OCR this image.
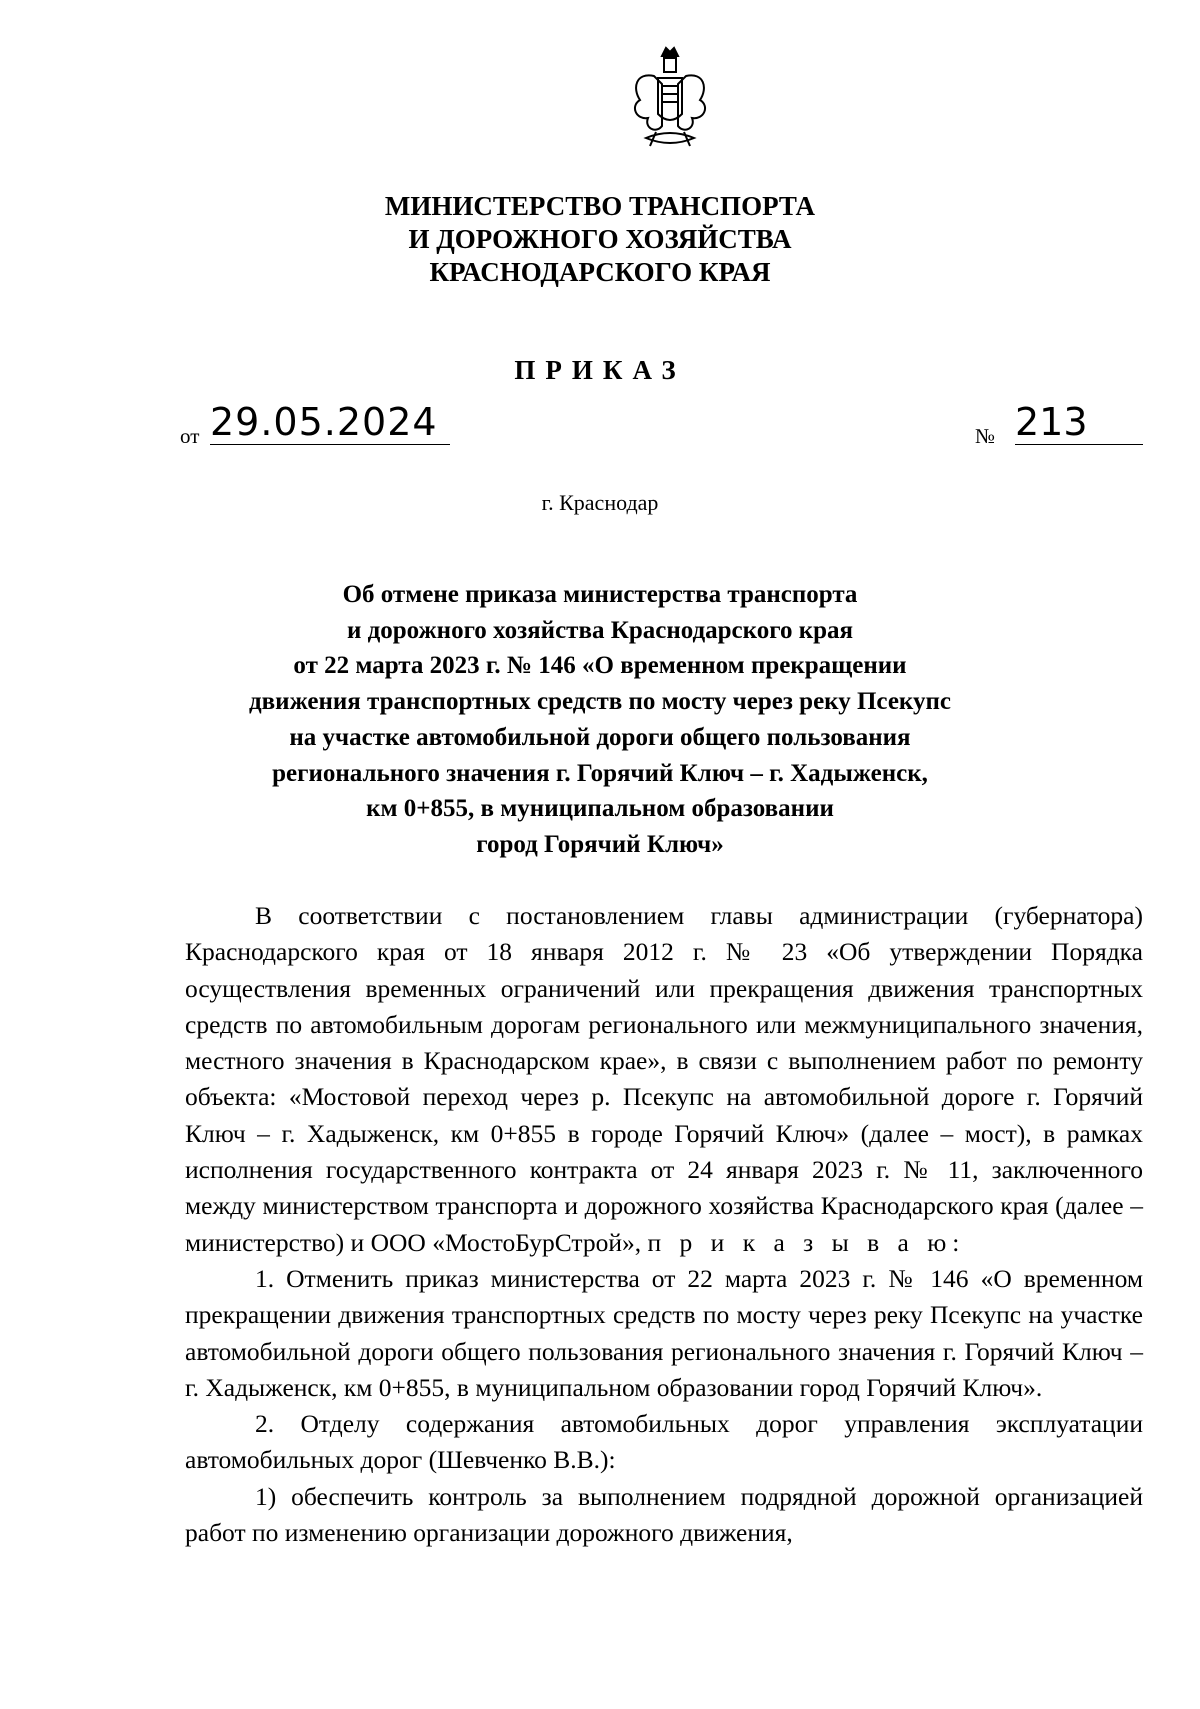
МИНИСТЕРСТВО ТРАНСПОРТА
И ДОРОЖНОГО ХОЗЯЙСТВА
КРАСНОДАРСКОГО КРАЯ
ПРИКАЗ
от 29.05.2024	№ 213
г. Краснодар
Об отмене приказа министерства транспорта
и дорожного хозяйства Краснодарского края
от 22 марта 2023 г. № 146 «О временном прекращении
движения транспортных средств по мосту через реку Псекупс
на участке автомобильной дороги общего пользования
регионального значения г. Горячий Ключ – г. Хадыженск,
км 0+855, в муниципальном образовании
город Горячий Ключ»

В соответствии с постановлением главы администрации (губернатора) Краснодарского края от 18 января 2012 г. № 23 «Об утверждении Порядка осуществления временных ограничений или прекращения движения транспортных средств по автомобильным дорогам регионального или межмуниципального значения, местного значения в Краснодарском крае», в связи с выполнением работ по ремонту объекта: «Мостовой переход через р. Псекупс на автомобильной дороге г. Горячий Ключ – г. Хадыженск, км 0+855 в городе Горячий Ключ» (далее – мост), в рамках исполнения государственного контракта от 24 января 2023 г. № 11, заключенного между министерством транспорта и дорожного хозяйства Краснодарского края (далее – министерство) и ООО «МостоБурСтрой», п р и к а з ы в а ю:

1. Отменить приказ министерства от 22 марта 2023 г. № 146 «О временном прекращении движения транспортных средств по мосту через реку Псекупс на участке автомобильной дороги общего пользования регионального значения г. Горячий Ключ – г. Хадыженск, км 0+855, в муниципальном образовании город Горячий Ключ».

2. Отделу содержания автомобильных дорог управления эксплуатации автомобильных дорог (Шевченко В.В.):

1) обеспечить контроль за выполнением подрядной дорожной организацией работ по изменению организации дорожного движения,
